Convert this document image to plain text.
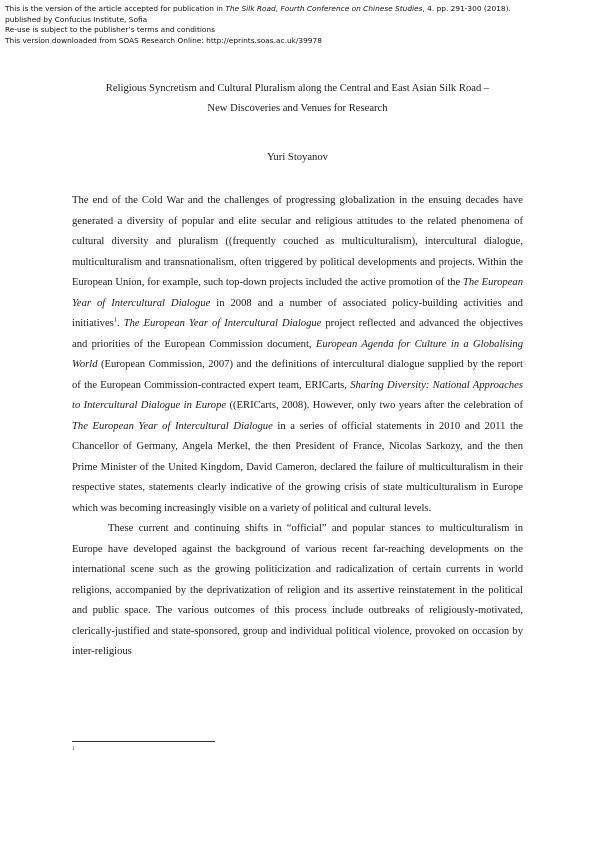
This is the version of the article accepted for publication in The Silk Road, Fourth Conference on Chinese Studies, 4. pp. 291-300 (2018).
published by Confucius Institute, Sofia
Re-use is subject to the publisher’s terms and conditions
This version downloaded from SOAS Research Online: http://eprints.soas.ac.uk/39978
Religious Syncretism and Cultural Pluralism along the Central and East Asian Silk Road –
New Discoveries and Venues for Research
Yuri Stoyanov

The end of the Cold War and the challenges of progressing globalization in the ensuing decades have generated a diversity of popular and elite secular and religious attitudes to the related phenomena of cultural diversity and pluralism ((frequently couched as multiculturalism), intercultural dialogue, multiculturalism and transnationalism, often triggered by political developments and projects. Within the European Union, for example, such top-down projects included the active promotion of the The European Year of Intercultural Dialogue in 2008 and a number of associated policy-building activities and initiatives$^1$. The European Year of Intercultural Dialogue project reflected and advanced the objectives and priorities of the European Commission document, European Agenda for Culture in a Globalising World (European Commission, 2007) and the definitions of intercultural dialogue supplied by the report of the European Commission-contracted expert team, ERICarts, Sharing Diversity: National Approaches to Intercultural Dialogue in Europe ((ERICarts, 2008). However, only two years after the celebration of The European Year of Intercultural Dialogue in a series of official statements in 2010 and 2011 the Chancellor of Germany, Angela Merkel, the then President of France, Nicolas Sarkozy, and the then Prime Minister of the United Kingdom, David Cameron, declared the failure of multiculturalism in their respective states, statements clearly indicative of the growing crisis of state multiculturalism in Europe which was becoming increasingly visible on a variety of political and cultural levels.

These current and continuing shifts in “official” and popular stances to multiculturalism in Europe have developed against the background of various recent far-reaching developments on the international scene such as the growing politicization and radicalization of certain currents in world religions, accompanied by the deprivatization of religion and its assertive reinstatement in the political and public space. The various outcomes of this process include outbreaks of religiously-motivated, clerically-justified and state-sponsored, group and individual political violence, provoked on occasion by inter-religious

1
